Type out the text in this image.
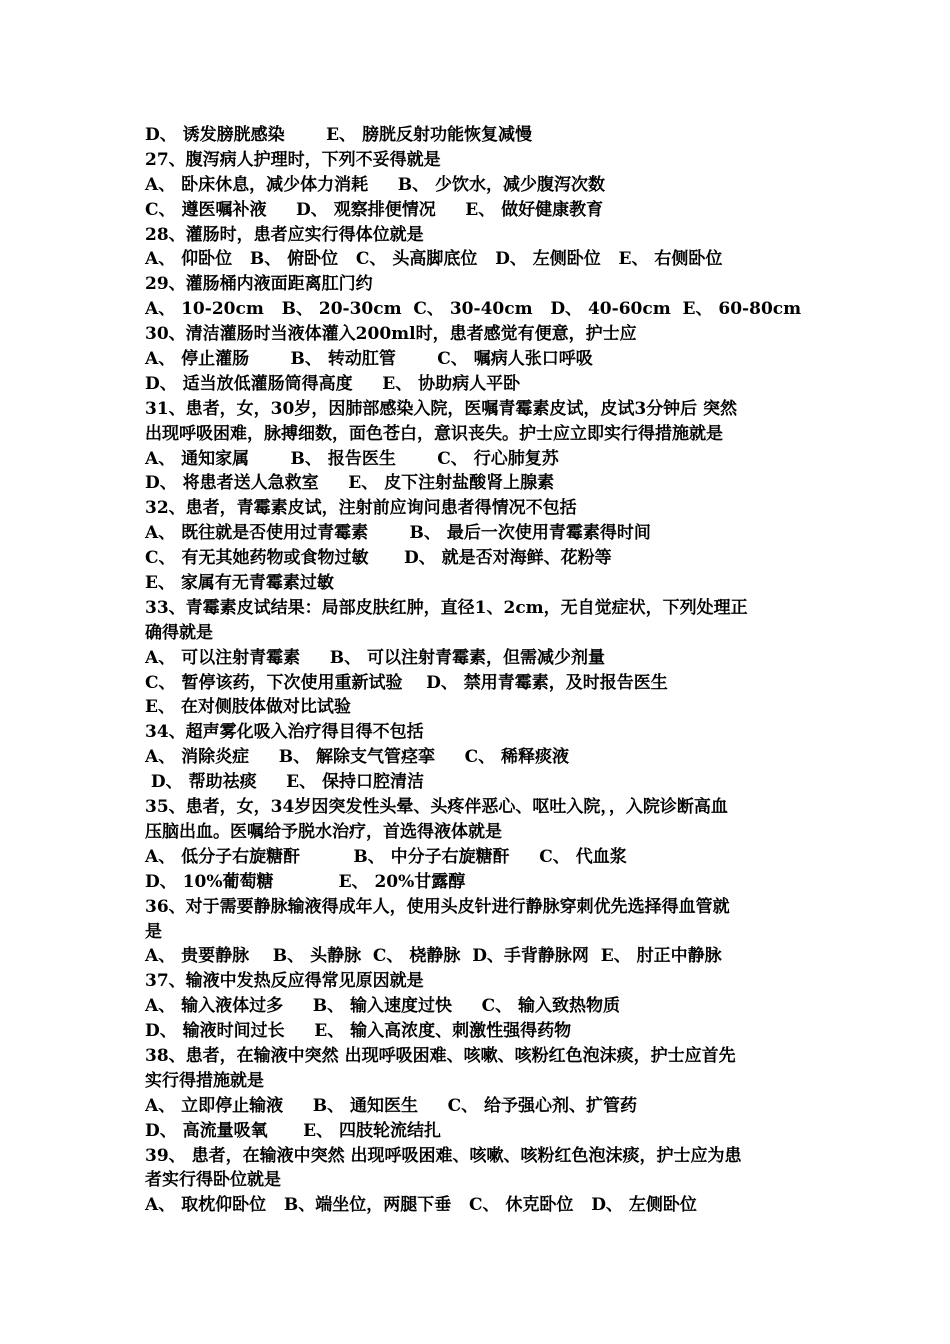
D、 诱发膀胱感染       E、 膀胱反射功能恢复减慢
27、腹泻病人护理时，下列不妥得就是
A、 卧床休息，减少体力消耗     B、 少饮水，减少腹泻次数
C、 遵医嘱补液     D、 观察排便情况     E、 做好健康教育
28、灌肠时，患者应实行得体位就是
A、 仰卧位   B、 俯卧位   C、 头高脚底位   D、 左侧卧位   E、 右侧卧位
29、灌肠桶内液面距离肛门约
A、 10-20cm   B、 20-30cm  C、 30-40cm   D、 40-60cm  E、 60-80cm
30、清洁灌肠时当液体灌入200ml时，患者感觉有便意，护士应
A、 停止灌肠       B、 转动肛管       C、 嘱病人张口呼吸
D、 适当放低灌肠筒得高度     E、 协助病人平卧
31、患者，女，30岁，因肺部感染入院，医嘱青霉素皮试，皮试3分钟后 突然
出现呼吸困难，脉搏细数，面色苍白，意识丧失。护士应立即实行得措施就是
A、 通知家属       B、 报告医生       C、 行心肺复苏
D、 将患者送人急救室     E、 皮下注射盐酸肾上腺素
32、患者，青霉素皮试，注射前应询问患者得情况不包括
A、 既往就是否使用过青霉素       B、 最后一次使用青霉素得时间
C、 有无其她药物或食物过敏      D、 就是否对海鲜、花粉等
E、 家属有无青霉素过敏
33、青霉素皮试结果：局部皮肤红肿，直径1、2cm，无自觉症状，下列处理正
确得就是
A、 可以注射青霉素     B、 可以注射青霉素，但需减少剂量
C、 暂停该药，下次使用重新试验    D、 禁用青霉素，及时报告医生
E、 在对侧肢体做对比试验
34、超声雾化吸入治疗得目得不包括
A、 消除炎症     B、 解除支气管痉挛     C、 稀释痰液
D、 帮助祛痰     E、 保持口腔清洁
35、患者，女，34岁因突发性头晕、头疼伴恶心、呕吐入院，，入院诊断高血
压脑出血。医嘱给予脱水治疗，首选得液体就是
A、 低分子右旋糖酐         B、 中分子右旋糖酐     C、 代血浆
D、 10%葡萄糖           E、 20%甘露醇
36、对于需要静脉输液得成年人，使用头皮针进行静脉穿刺优先选择得血管就
是
A、 贵要静脉    B、 头静脉  C、 桡静脉  D、手背静脉网  E、 肘正中静脉
37、输液中发热反应得常见原因就是
A、 输入液体过多     B、 输入速度过快     C、 输入致热物质
D、 输液时间过长     E、 输入高浓度、刺激性强得药物
38、患者，在输液中突然 出现呼吸困难、咳嗽、咳粉红色泡沫痰，护士应首先
实行得措施就是
A、 立即停止输液     B、 通知医生     C、 给予强心剂、扩管药
D、 高流量吸氧      E、 四肢轮流结扎
39、 患者，在输液中突然 出现呼吸困难、咳嗽、咳粉红色泡沫痰，护士应为患
者实行得卧位就是
A、 取枕仰卧位   B、端坐位，两腿下垂   C、 休克卧位   D、 左侧卧位
